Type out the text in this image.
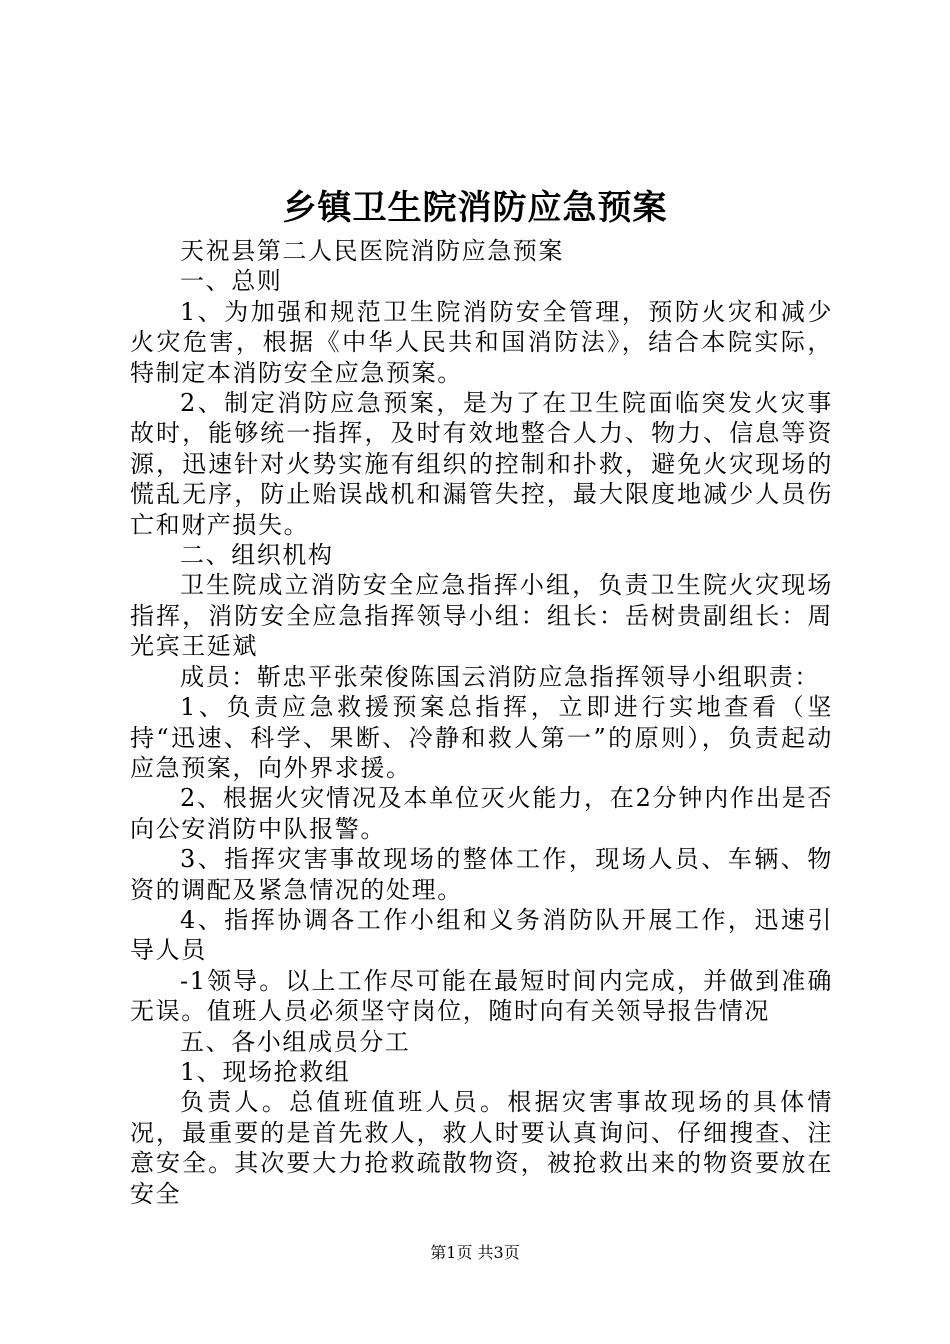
乡镇卫生院消防应急预案

天祝县第二人民医院消防应急预案

一、总则

1、为加强和规范卫生院消防安全管理，预防火灾和减少火灾危害，根据《中华人民共和国消防法》，结合本院实际，特制定本消防安全应急预案。

2、制定消防应急预案，是为了在卫生院面临突发火灾事故时，能够统一指挥，及时有效地整合人力、物力、信息等资源，迅速针对火势实施有组织的控制和扑救，避免火灾现场的慌乱无序，防止贻误战机和漏管失控，最大限度地减少人员伤亡和财产损失。

二、组织机构

卫生院成立消防安全应急指挥小组，负责卫生院火灾现场指挥，消防安全应急指挥领导小组：组长：岳树贵副组长：周光宾王延斌

成员：靳忠平张荣俊陈国云消防应急指挥领导小组职责：

1、负责应急救援预案总指挥，立即进行实地查看（坚持“迅速、科学、果断、冷静和救人第一”的原则），负责起动应急预案，向外界求援。

2、根据火灾情况及本单位灭火能力，在2分钟内作出是否向公安消防中队报警。

3、指挥灾害事故现场的整体工作，现场人员、车辆、物资的调配及紧急情况的处理。

4、指挥协调各工作小组和义务消防队开展工作，迅速引导人员

-1领导。以上工作尽可能在最短时间内完成，并做到准确无误。值班人员必须坚守岗位，随时向有关领导报告情况

五、各小组成员分工

1、现场抢救组

负责人。总值班值班人员。根据灾害事故现场的具体情况，最重要的是首先救人，救人时要认真询问、仔细搜查、注意安全。其次要大力抢救疏散物资，被抢救出来的物资要放在安全

第1页 共3页
